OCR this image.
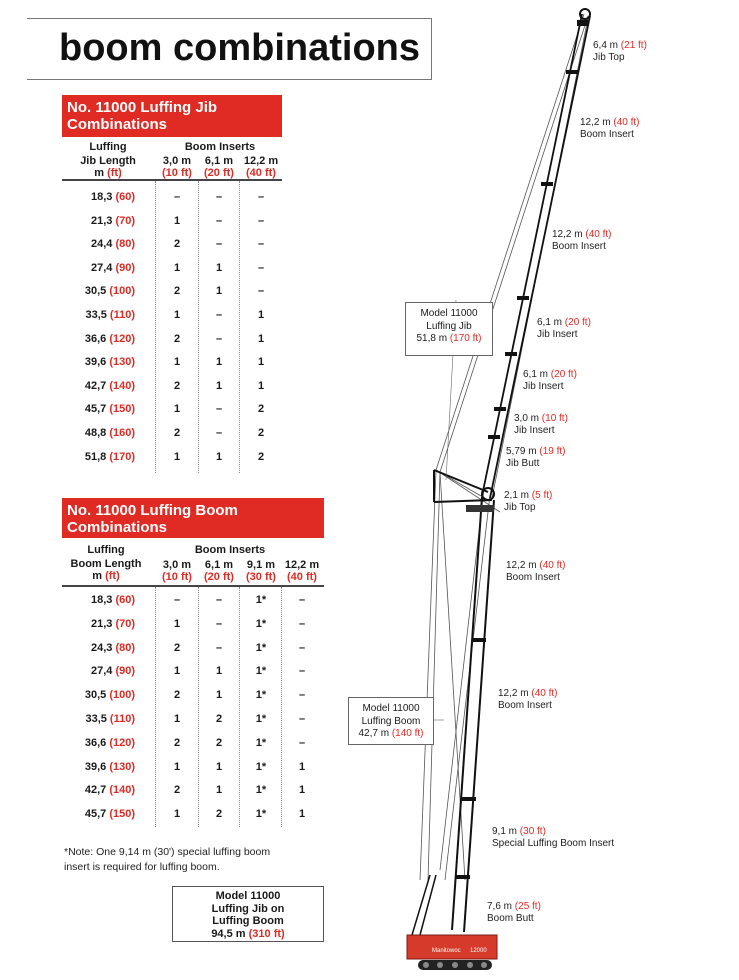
boom combinations
No. 11000 Luffing Jib
Combinations
Luffing
Jib Length
m (ft)
Boom Inserts
3,0 m
(10 ft)
6,1 m
(20 ft)
12,2 m
(40 ft)
18,3 (60)	–	–	–
21,3 (70)	1	–	–
24,4 (80)	2	–	–
27,4 (90)	1	1	–
30,5 (100)	2	1	–
33,5 (110)	1	–	1
36,6 (120)	2	–	1
39,6 (130)	1	1	1
42,7 (140)	2	1	1
45,7 (150)	1	–	2
48,8 (160)	2	–	2
51,8 (170)	1	1	2
No. 11000 Luffing Boom
Combinations
Luffing
Boom Length
m (ft)
Boom Inserts
3,0 m
(10 ft)
6,1 m
(20 ft)
9,1 m
(30 ft)
12,2 m
(40 ft)
18,3 (60)	–	–	1*	–
21,3 (70)	1	–	1*	–
24,3 (80)	2	–	1*	–
27,4 (90)	1	1	1*	–
30,5 (100)	2	1	1*	–
33,5 (110)	1	2	1*	–
36,6 (120)	2	2	1*	–
39,6 (130)	1	1	1*	1
42,7 (140)	2	1	1*	1
45,7 (150)	1	2	1*	1
*Note: One 9,14 m (30') special luffing boom
insert is required for luffing boom.
Model 11000
Luffing Jib on
Luffing Boom
94,5 m (310 ft)
Manitowoc 12000
Model 11000
Luffing Jib
51,8 m (170 ft)
Model 11000
Luffing Boom
42,7 m (140 ft)
6,4 m (21 ft)
Jib Top
12,2 m (40 ft)
Boom Insert
12,2 m (40 ft)
Boom Insert
6,1 m (20 ft)
Jib Insert
6,1 m (20 ft)
Jib Insert
3,0 m (10 ft)
Jib Insert
5,79 m (19 ft)
Jib Butt
2,1 m (5 ft)
Jib Top
12,2 m (40 ft)
Boom Insert
12,2 m (40 ft)
Boom Insert
9,1 m (30 ft)
Special Luffing Boom Insert
7,6 m (25 ft)
Boom Butt
